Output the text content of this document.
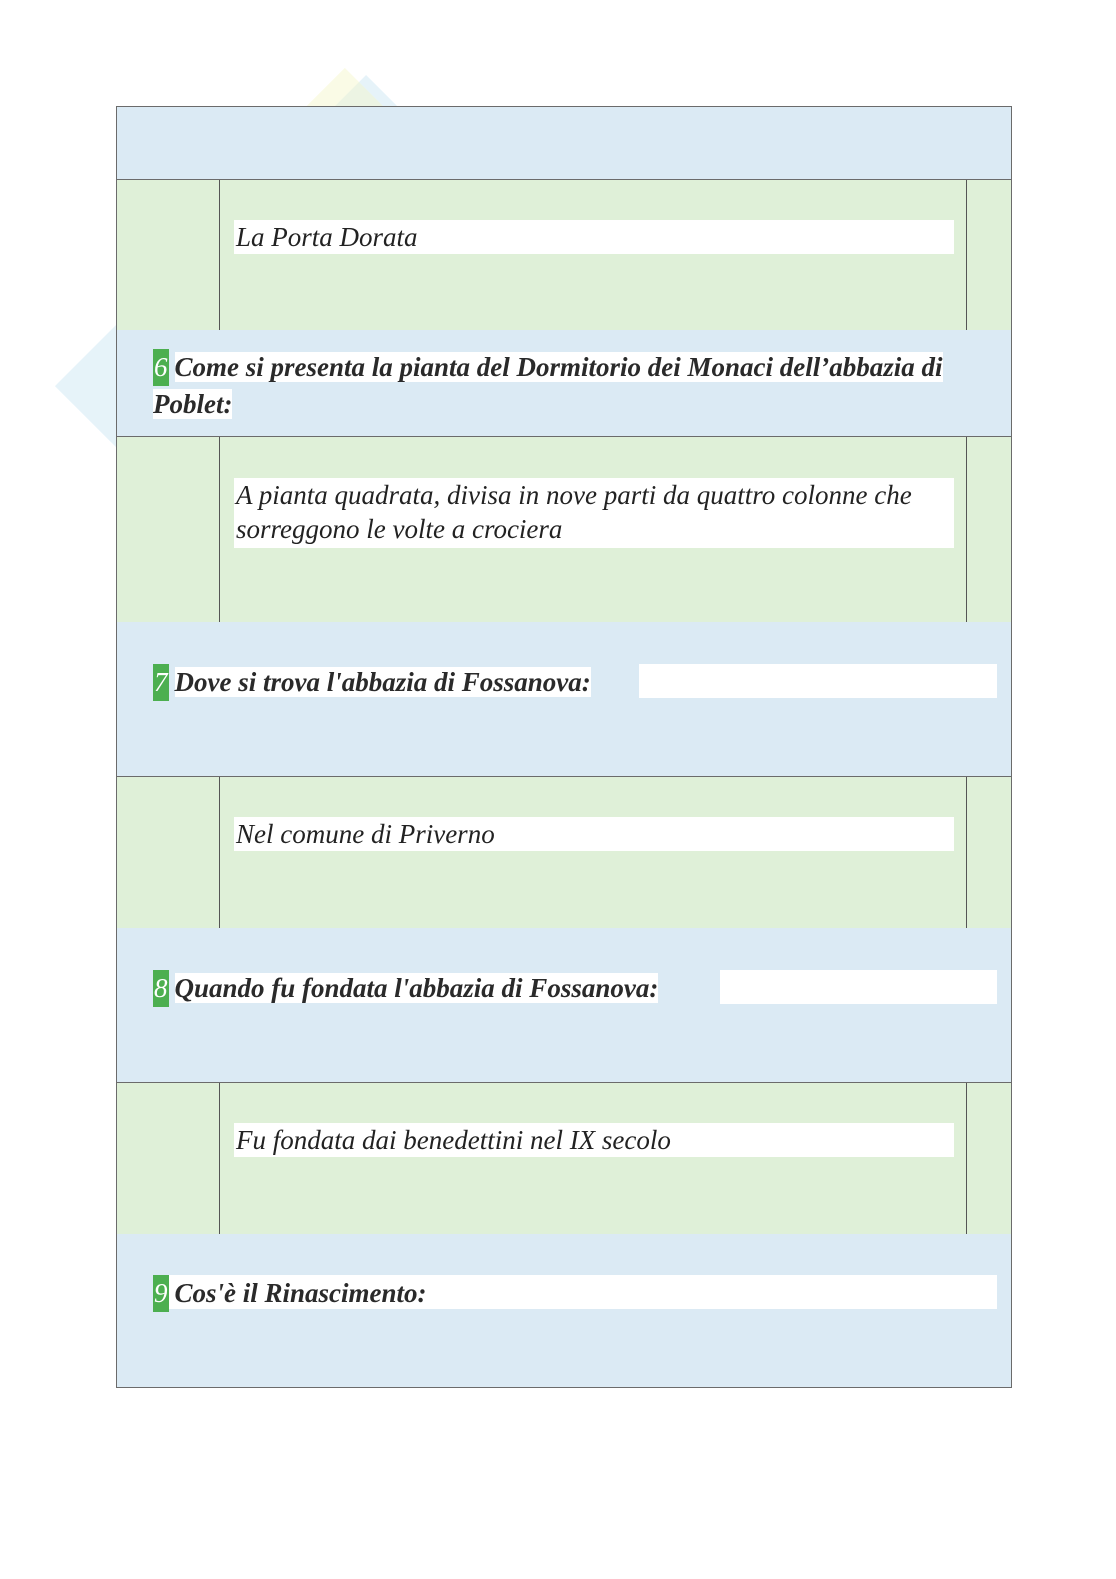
La Porta Dorata
6 Come si presenta la pianta del Dormitorio dei Monaci dell’abbazia di Poblet:
A pianta quadrata, divisa in nove parti da quattro colonne che sorreggono le volte a crociera
7 Dove si trova l'abbazia di Fossanova:
Nel comune di Priverno
8 Quando fu fondata l'abbazia di Fossanova:
Fu fondata dai benedettini nel IX secolo
9 Cos'è il Rinascimento:
